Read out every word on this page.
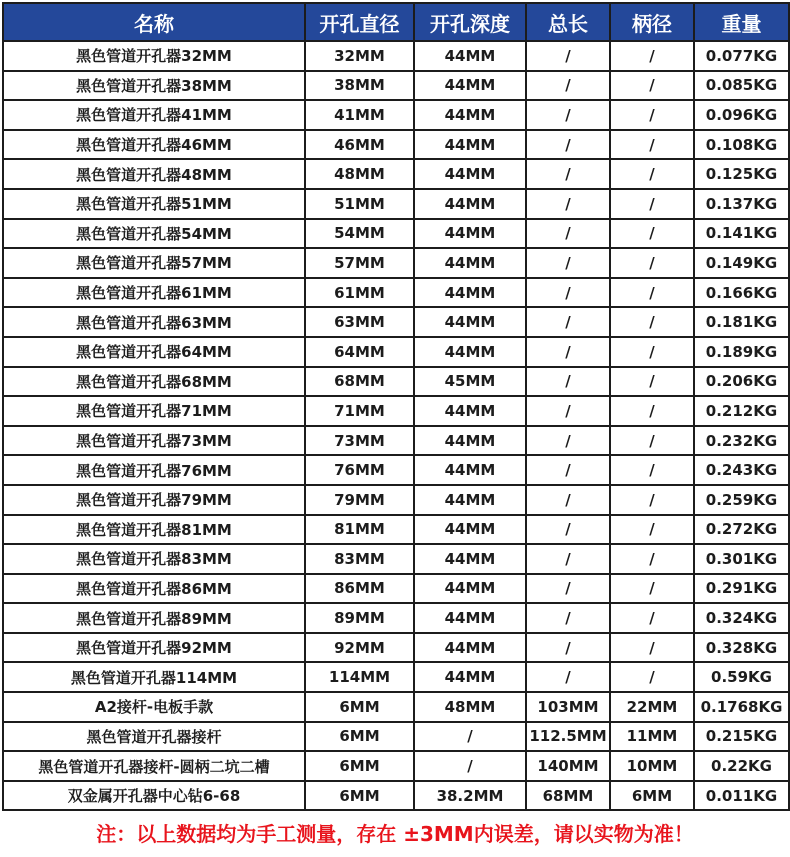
名称	开孔直径	开孔深度	总长	柄径	重量
黑色管道开孔器32MM	32MM	44MM	/	/	0.077KG
黑色管道开孔器38MM	38MM	44MM	/	/	0.085KG
黑色管道开孔器41MM	41MM	44MM	/	/	0.096KG
黑色管道开孔器46MM	46MM	44MM	/	/	0.108KG
黑色管道开孔器48MM	48MM	44MM	/	/	0.125KG
黑色管道开孔器51MM	51MM	44MM	/	/	0.137KG
黑色管道开孔器54MM	54MM	44MM	/	/	0.141KG
黑色管道开孔器57MM	57MM	44MM	/	/	0.149KG
黑色管道开孔器61MM	61MM	44MM	/	/	0.166KG
黑色管道开孔器63MM	63MM	44MM	/	/	0.181KG
黑色管道开孔器64MM	64MM	44MM	/	/	0.189KG
黑色管道开孔器68MM	68MM	45MM	/	/	0.206KG
黑色管道开孔器71MM	71MM	44MM	/	/	0.212KG
黑色管道开孔器73MM	73MM	44MM	/	/	0.232KG
黑色管道开孔器76MM	76MM	44MM	/	/	0.243KG
黑色管道开孔器79MM	79MM	44MM	/	/	0.259KG
黑色管道开孔器81MM	81MM	44MM	/	/	0.272KG
黑色管道开孔器83MM	83MM	44MM	/	/	0.301KG
黑色管道开孔器86MM	86MM	44MM	/	/	0.291KG
黑色管道开孔器89MM	89MM	44MM	/	/	0.324KG
黑色管道开孔器92MM	92MM	44MM	/	/	0.328KG
黑色管道开孔器114MM	114MM	44MM	/	/	0.59KG
A2接杆-电板手款	6MM	48MM	103MM	22MM	0.1768KG
黑色管道开孔器接杆	6MM	/	112.5MM	11MM	0.215KG
黑色管道开孔器接杆-圆柄二坑二槽	6MM	/	140MM	10MM	0.22KG
双金属开孔器中心钻6-68	6MM	38.2MM	68MM	6MM	0.011KG
注：以上数据均为手工测量，存在 ±3MM内误差，请以实物为准！
